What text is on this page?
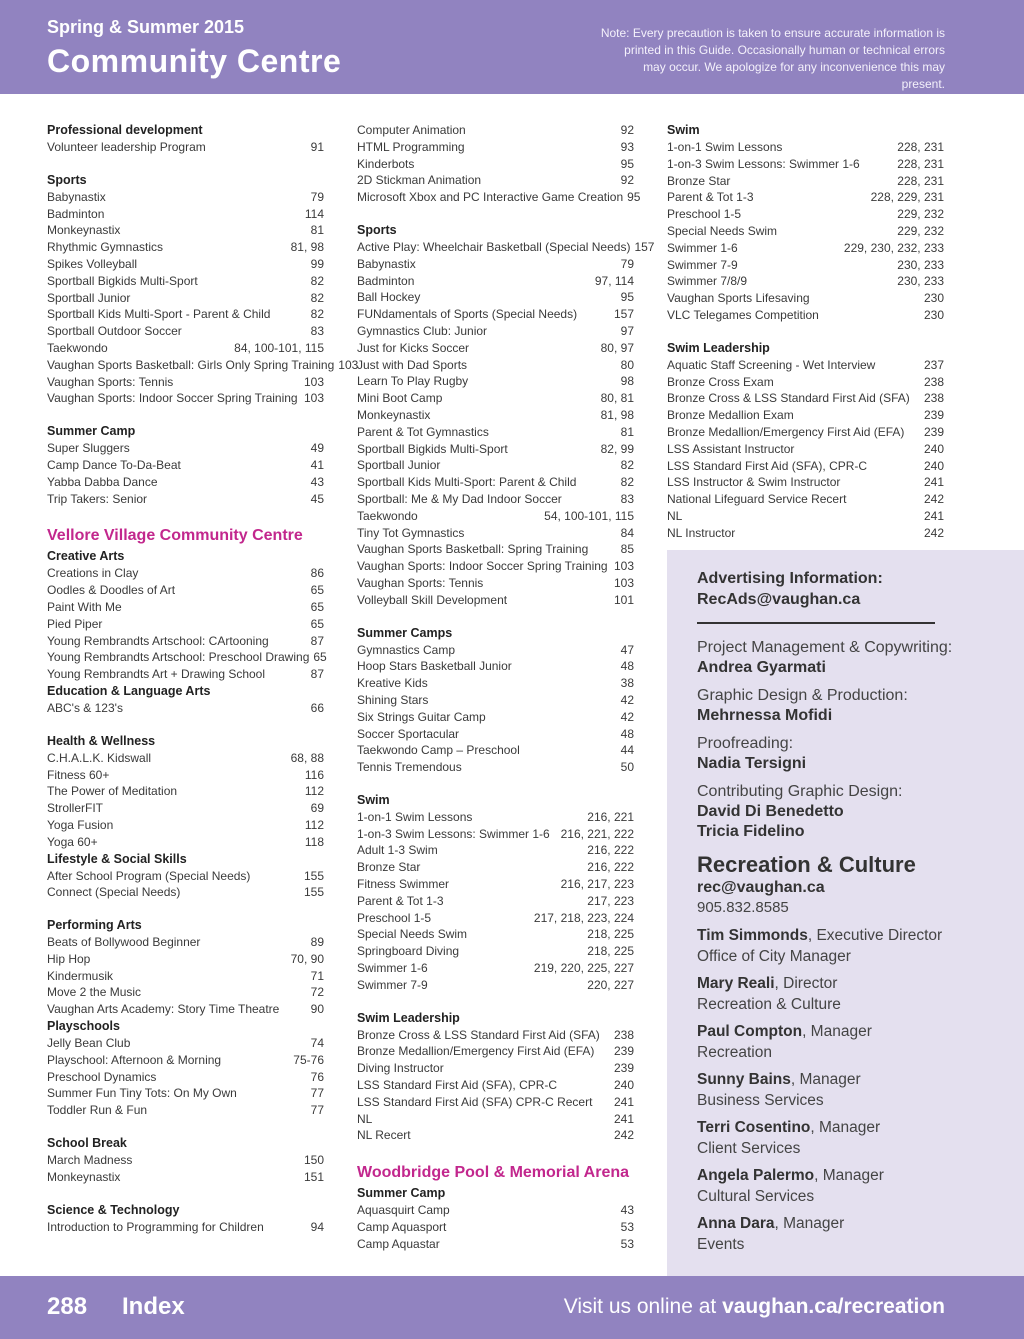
Spring & Summer 2015
Community Centre
Note: Every precaution is taken to ensure accurate information is printed in this Guide. Occasionally human or technical errors may occur. We apologize for any inconvenience this may present.
Professional development
Volunteer leadership Program	91
Sports
Babynastix	79
Badminton	114
Monkeynastix	81
Rhythmic Gymnastics	81, 98
Spikes Volleyball	99
Sportball Bigkids Multi-Sport	82
Sportball Junior	82
Sportball Kids Multi-Sport - Parent & Child	82
Sportball Outdoor Soccer	83
Taekwondo	84, 100-101, 115
Vaughan Sports Basketball: Girls Only Spring Training 103
Vaughan Sports: Tennis	103
Vaughan Sports: Indoor Soccer Spring Training 103
Summer Camp
Super Sluggers	49
Camp Dance To-Da-Beat	41
Yabba Dabba Dance	43
Trip Takers: Senior	45
Vellore Village Community Centre
Creative Arts
Creations in Clay	86
Oodles & Doodles of Art	65
Paint With Me	65
Pied Piper	65
Young Rembrandts Artschool: CArtooning	87
Young Rembrandts Artschool: Preschool Drawing 65
Young Rembrandts Art + Drawing School	87
Education & Language Arts
ABC's & 123's	66
Health & Wellness
C.H.A.L.K. Kidswall	68, 88
Fitness 60+	116
The Power of Meditation	112
StrollerFIT	69
Yoga Fusion	112
Yoga 60+	118
Lifestyle & Social Skills
After School Program (Special Needs)	155
Connect (Special Needs)	155
Performing Arts
Beats of Bollywood Beginner	89
Hip Hop	70, 90
Kindermusik	71
Move 2 the Music	72
Vaughan Arts Academy: Story Time Theatre	90
Playschools
Jelly Bean Club	74
Playschool: Afternoon & Morning	75-76
Preschool Dynamics	76
Summer Fun Tiny Tots: On My Own	77
Toddler Run & Fun	77
School Break
March Madness	150
Monkeynastix	151
Science & Technology
Introduction to Programming for Children	94
Computer Animation	92
HTML Programming	93
Kinderbots	95
2D Stickman Animation	92
Microsoft Xbox and PC Interactive Game Creation 95
Sports
Active Play: Wheelchair Basketball (Special Needs) 157
Babynastix	79
Badminton	97, 114
Ball Hockey	95
FUNdamentals of Sports (Special Needs)	157
Gymnastics Club: Junior	97
Just for Kicks Soccer	80, 97
Just with Dad Sports	80
Learn To Play Rugby	98
Mini Boot Camp	80, 81
Monkeynastix	81, 98
Parent & Tot Gymnastics	81
Sportball Bigkids Multi-Sport	82, 99
Sportball Junior	82
Sportball Kids Multi-Sport: Parent & Child	82
Sportball: Me & My Dad Indoor Soccer	83
Taekwondo	54, 100-101, 115
Tiny Tot Gymnastics	84
Vaughan Sports Basketball: Spring Training	85
Vaughan Sports: Indoor Soccer Spring Training 103
Vaughan Sports: Tennis	103
Volleyball Skill Development	101
Summer Camps
Gymnastics Camp	47
Hoop Stars Basketball Junior	48
Kreative Kids	38
Shining Stars	42
Six Strings Guitar Camp	42
Soccer Sportacular	48
Taekwondo Camp – Preschool	44
Tennis Tremendous	50
Swim
1-on-1 Swim Lessons	216, 221
1-on-3 Swim Lessons: Swimmer 1-6 216, 221, 222
Adult 1-3 Swim	216, 222
Bronze Star	216, 222
Fitness Swimmer	216, 217, 223
Parent & Tot 1-3	217, 223
Preschool 1-5	217, 218, 223, 224
Special Needs Swim	218, 225
Springboard Diving	218, 225
Swimmer 1-6	219, 220, 225, 227
Swimmer 7-9	220, 227
Swim Leadership
Bronze Cross & LSS Standard First Aid (SFA)	238
Bronze Medallion/Emergency First Aid (EFA)	239
Diving Instructor	239
LSS Standard First Aid (SFA), CPR-C	240
LSS Standard First Aid (SFA) CPR-C Recert	241
NL	241
NL Recert	242
Woodbridge Pool & Memorial Arena
Summer Camp
Aquasquirt Camp	43
Camp Aquasport	53
Camp Aquastar	53
Swim
1-on-1 Swim Lessons	228, 231
1-on-3 Swim Lessons: Swimmer 1-6	228, 231
Bronze Star	228, 231
Parent & Tot 1-3	228, 229, 231
Preschool 1-5	229, 232
Special Needs Swim	229, 232
Swimmer 1-6	229, 230, 232, 233
Swimmer 7-9	230, 233
Swimmer 7/8/9	230, 233
Vaughan Sports Lifesaving	230
VLC Telegames Competition	230
Swim Leadership
Aquatic Staff Screening - Wet Interview	237
Bronze Cross Exam	238
Bronze Cross & LSS Standard First Aid (SFA)	238
Bronze Medallion Exam	239
Bronze Medallion/Emergency First Aid (EFA)	239
LSS Assistant Instructor	240
LSS Standard First Aid (SFA), CPR-C	240
LSS Instructor & Swim Instructor	241
National Lifeguard Service Recert	242
NL	241
NL Instructor	242
Advertising Information:
RecAds@vaughan.ca
Project Management & Copywriting:
Andrea Gyarmati
Graphic Design & Production:
Mehrnessa Mofidi
Proofreading:
Nadia Tersigni
Contributing Graphic Design:
David Di Benedetto
Tricia Fidelino
Recreation & Culture
rec@vaughan.ca
905.832.8585
Tim Simmonds, Executive Director
Office of City Manager
Mary Reali, Director
Recreation & Culture
Paul Compton, Manager
Recreation
Sunny Bains, Manager
Business Services
Terri Cosentino, Manager
Client Services
Angela Palermo, Manager
Cultural Services
Anna Dara, Manager
Events
288 Index	Visit us online at vaughan.ca/recreation
